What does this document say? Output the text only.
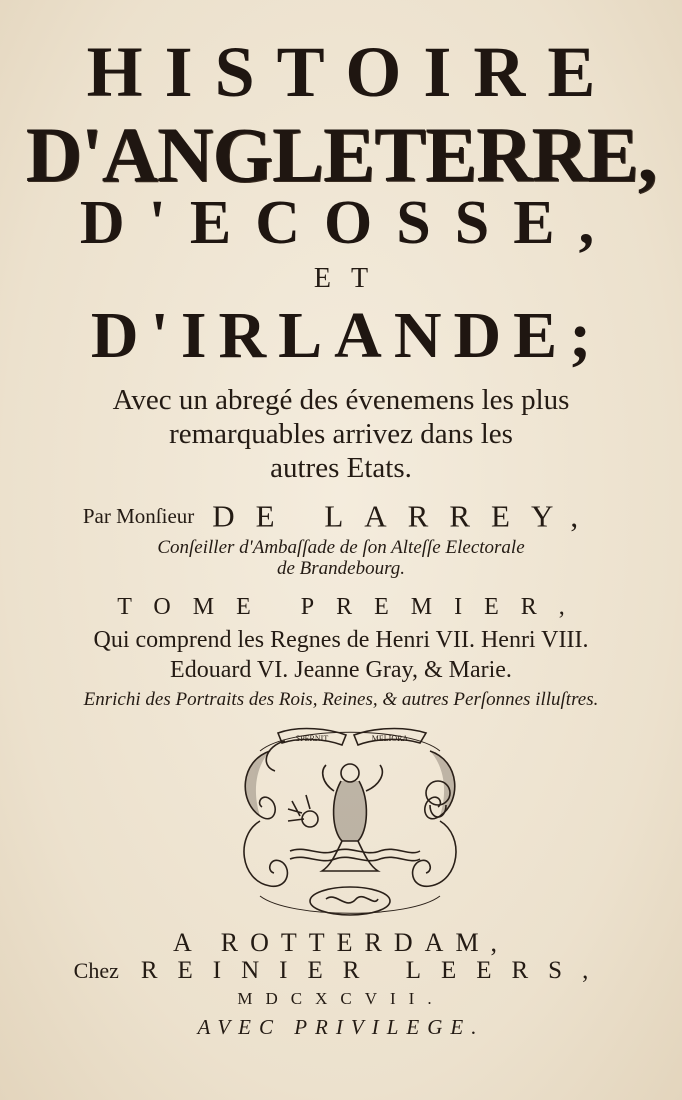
HISTOIRE
D'ANGLETERRE,
D'ECOSSE,
ET
D'IRLANDE;
Avec un abregé des évenemens les plus
remarquables arrivez dans les
autres Etats.
Par Monſieur DE LARREY,
Conſeiller d'Ambaſſade de ſon Alteſſe Electorale
de Brandebourg.
TOME PREMIER,
Qui comprend les Regnes de Henri VII. Henri VIII.
Edouard VI. Jeanne Gray, & Marie.
Enrichi des Portraits des Rois, Reines, & autres Perſonnes illuſtres.
SPERNIT	MELIORA
A ROTTERDAM,
Chez REINIER LEERS,
MDCXCVII.
AVEC PRIVILEGE.
